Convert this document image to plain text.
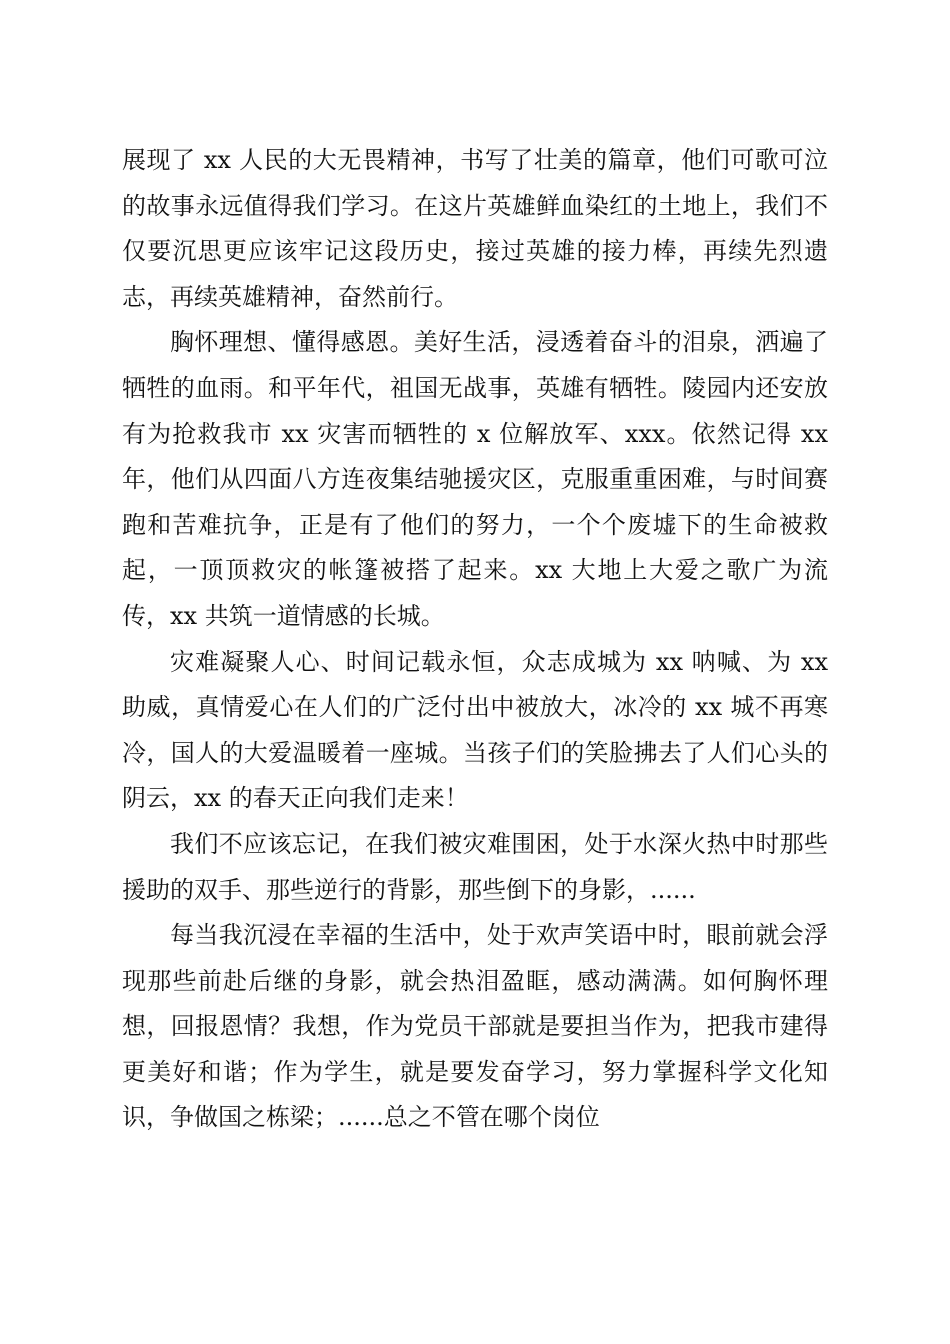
展现了 xx 人民的大无畏精神，书写了壮美的篇章，他们可歌可泣的故事永远值得我们学习。在这片英雄鲜血染红的土地上，我们不仅要沉思更应该牢记这段历史，接过英雄的接力棒，再续先烈遗志，再续英雄精神，奋然前行。

胸怀理想、懂得感恩。美好生活，浸透着奋斗的泪泉，洒遍了牺牲的血雨。和平年代，祖国无战事，英雄有牺牲。陵园内还安放有为抢救我市 xx 灾害而牺牲的 x 位解放军、xxx。依然记得 xx 年，他们从四面八方连夜集结驰援灾区，克服重重困难，与时间赛跑和苦难抗争，正是有了他们的努力，一个个废墟下的生命被救起，一顶顶救灾的帐篷被搭了起来。xx 大地上大爱之歌广为流传，xx 共筑一道情感的长城。

灾难凝聚人心、时间记载永恒，众志成城为 xx 呐喊、为 xx 助威，真情爱心在人们的广泛付出中被放大，冰冷的 xx 城不再寒冷，国人的大爱温暖着一座城。当孩子们的笑脸拂去了人们心头的阴云，xx 的春天正向我们走来！

我们不应该忘记，在我们被灾难围困，处于水深火热中时那些援助的双手、那些逆行的背影，那些倒下的身影，......

每当我沉浸在幸福的生活中，处于欢声笑语中时，眼前就会浮现那些前赴后继的身影，就会热泪盈眶，感动满满。如何胸怀理想，回报恩情？我想，作为党员干部就是要担当作为，把我市建得更美好和谐；作为学生，就是要发奋学习，努力掌握科学文化知识，争做国之栋梁；......总之不管在哪个岗位
